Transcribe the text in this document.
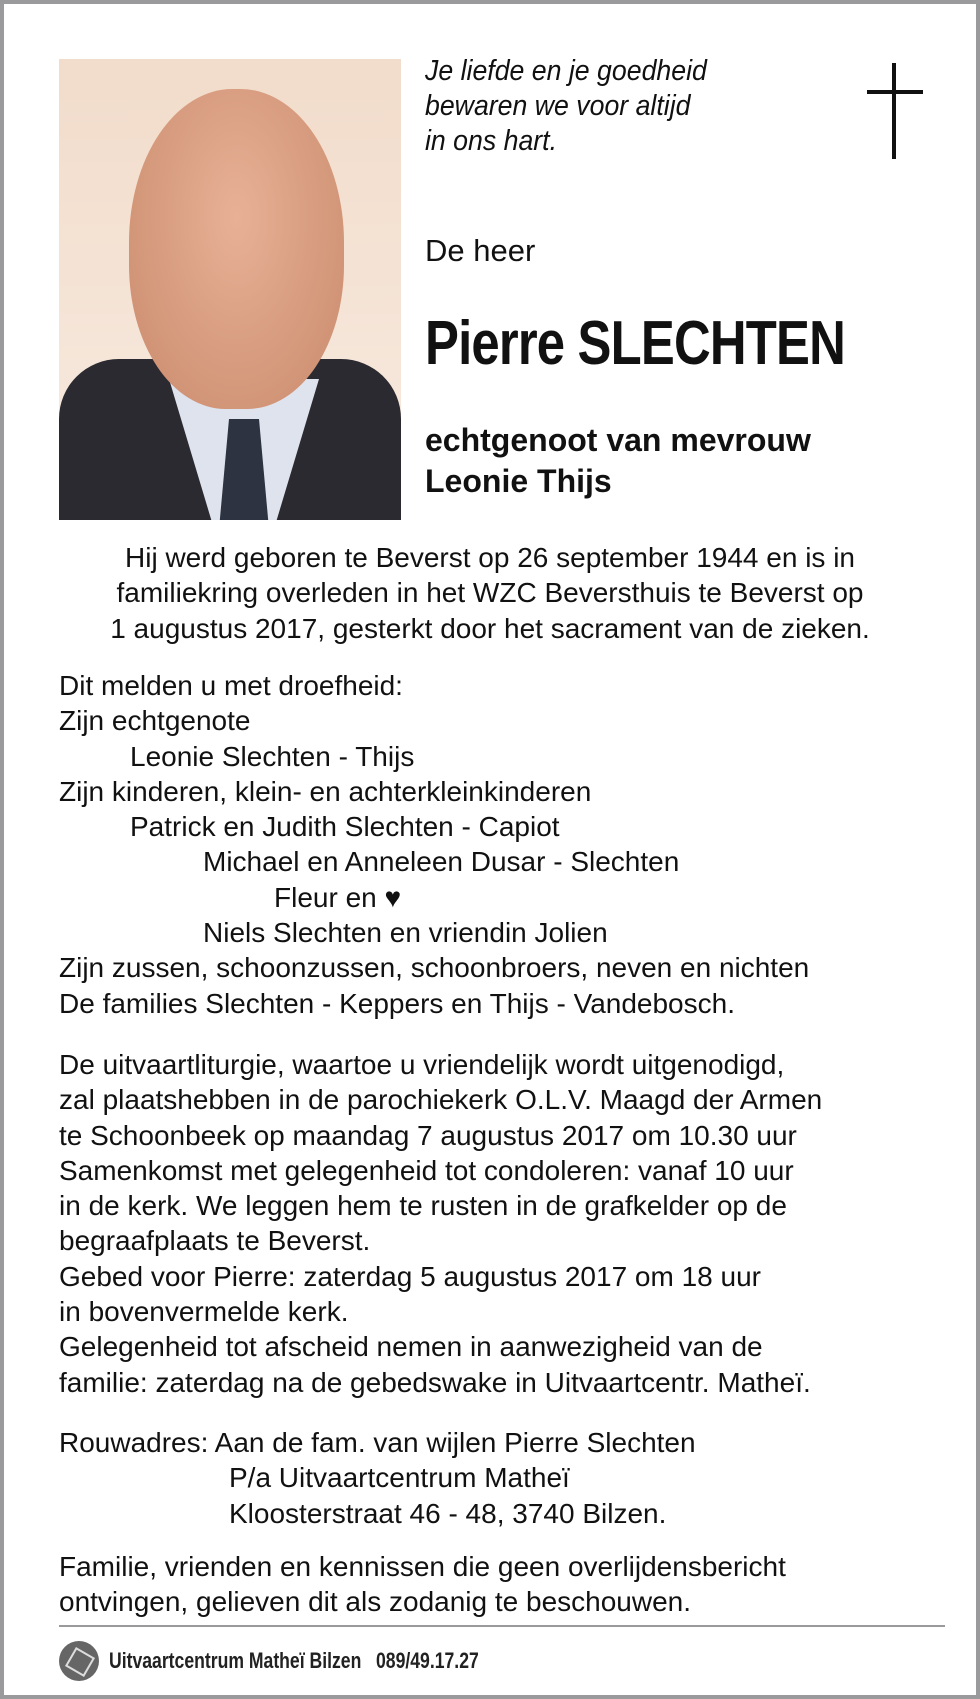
Je liefde en je goedheid
bewaren we voor altijd
in ons hart.
De heer
Pierre SLECHTEN
echtgenoot van mevrouw
Leonie Thijs
Hij werd geboren te Beverst op 26 september 1944 en is in
familiekring overleden in het WZC Beversthuis te Beverst op
1 augustus 2017, gesterkt door het sacrament van de zieken.
Dit melden u met droefheid:
Zijn echtgenote
Leonie Slechten - Thijs
Zijn kinderen, klein- en achterkleinkinderen
Patrick en Judith Slechten - Capiot
Michael en Anneleen Dusar - Slechten
Fleur en ♥
Niels Slechten en vriendin Jolien
Zijn zussen, schoonzussen, schoonbroers, neven en nichten
De families Slechten - Keppers en Thijs - Vandebosch.
De uitvaartliturgie, waartoe u vriendelijk wordt uitgenodigd,
zal plaatshebben in de parochiekerk O.L.V. Maagd der Armen
te Schoonbeek op maandag 7 augustus 2017 om 10.30 uur
Samenkomst met gelegenheid tot condoleren: vanaf 10 uur
in de kerk. We leggen hem te rusten in de grafkelder op de
begraafplaats te Beverst.
Gebed voor Pierre: zaterdag 5 augustus 2017 om 18 uur
in bovenvermelde kerk.
Gelegenheid tot afscheid nemen in aanwezigheid van de
familie: zaterdag na de gebedswake in Uitvaartcentr. Matheï.
Rouwadres: Aan de fam. van wijlen Pierre Slechten
P/a Uitvaartcentrum Matheï
Kloosterstraat 46 - 48, 3740 Bilzen.
Familie, vrienden en kennissen die geen overlijdensbericht
ontvingen, gelieven dit als zodanig te beschouwen.
Uitvaartcentrum Matheï Bilzen 089/49.17.27
